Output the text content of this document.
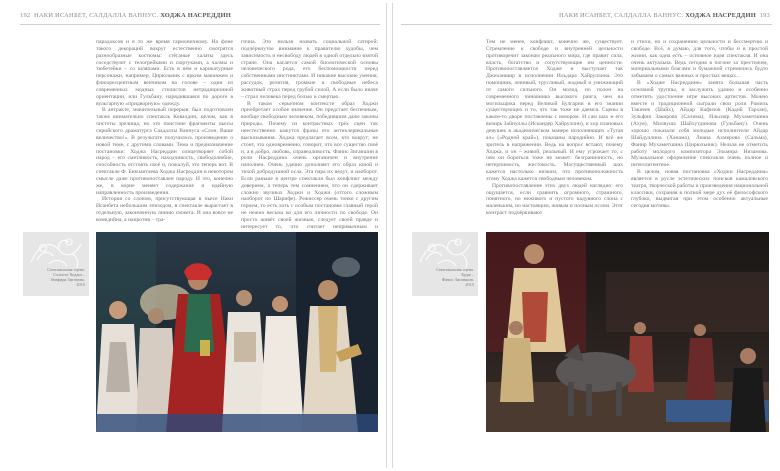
192 НАКИ ИСАНБЕТ, САЛДАЛЛА ВАННУС. ХОДЖА НАСРЕДДИН

парадоксов и в то же время гармоничному. На фоне такого декораций вокруг естественно смотрятся разнообразные костюмы: стёганые халаты здесь соседствуют с телогрейками и сюртуками, а чалмы и тюбетейки – со шляпами. Есть в нём и карикатурные персонажи, например, Цирюльник с ярким макияжем и флюоресцентным венчиком на голове – один из современных модных стилистов нетрадиционной ориентации, или Гульбану, нарядившаяся по дороге в вульгарную «придворную» одежду.
В антракте, значительный перерыв: был подготовлен также внимательно спектакль Ковалдин, целом, как в чистоты зрелища, но это поистине фрагменты пьесы сирийского драматурга Саадаллы Ваннуса «Слон. Ваше величество!». В результате получилось произведение о новой теме, с другими словами. Тема и предназначение постановки: Ходжа Насреддин олицетворяет собой народ – его сметливость, находчивость, свободолюбие, способность отстоять своё и, пожалуй, это теперь вот. В спектакле Ф. Бикчантаева Ходжа Насреддин в некотором смысле даже противопоставлен народу. И это, конечно же, в корне меняет содержание и идейную направленность произведения.
История со слоном, присутствующая в пьесе Наки Исанбета небольшим эпизодом, в спектакле вырастает в отдельную, законченную линию сюжета. И она вовсе не комедийна, а напротив – тра-

гична. Это нельзя назвать социальной сатирой: подчёркнутое внимание к правителю худобы, чем зависимость и несвободу людей в одной отдельно взятой стране. Она касается самой биологической основы человеческого рода, его беспомощности перед собственными инстинктами. И никакие высокие умения, рассудок, религия, громкие и свободные небеса животный страх перед грубой силой. А если было иначе – страх человека перед болью и смертью.
В таком серьезном контексте образ Ходжи приобретает особое значение. Он предстает беспечным, вообще свободным человеком, победившим даже законы природы. Почему из контрастных трёх сцен так неестественно кажутся фразы его антиклерикальные высказывания. Ходжа предлагает всем, кто вокруг; не стоит, это одновременно, говорит, что все существо своё и, а в добро, любовь, справедливость. Фанис Зиганшин в роли Насреддина очень органичен и внутренне наполнен. Очень удачно дополняет его образ юной и тихой добродушной осла. Эта пара их ведут, и наоборот. Если раньше в центре спектакля был конфликт между доверием, а теперь тем сомнением, что он сдерживает сложно звучных Ходжи и Ходжи (оттого сложным наоборот по Шарифе). Режиссер очень тонко с другим героем, то есть хоть с особым постановке главный герой не нежно весьма ко для его личности по свободе. Он просто живёт своей жизнью, следует своей правде и интересует то, что считает непривычным и

Спектакльная сцена.
Солиста Ходжи –
Земфира Зиганова.
2015
НАКИ ИСАНБЕТ, САЛДАЛЛА ВАННУС. ХОДЖА НАСРЕДДИН 193

Тем не менее, конфликт, конечно же, существует. Стремление к свободе и внутренней цельности противоречит законам реального мира, где правит сила, власть, богатство и сопутствующие им ценности. Противопоставляется Ходже и выступает так Джиханшир в исполнении Ильдара Хайруллина. Это помощник, ленивый, трусливый, жадный и унижающий от самого сильного. Он молод, но полон на современного чиновника высокого ранга, чем на могильщика перед Великой Булгарии в его знании существующих и то, что так тоже не даемся. Сцены в каком-то дворе поставлены с юмором. И сам шах и его визирь Зайнуллы (Искандер Хайруллин), и хор плановых девушек в академическом манере исполняющих «Тугая ал» («Родной край»), показаны пародийно. И всё же зритель в напряжении. Ведь на вопрос встают, почему Ходжа, и он – живой, реальный. И ему угрожает то, с чем он бороться тоже не может: безграничность, но нетерпимость, жестокость. Могущественный шах кажется настолько низким, что противоположность этому Ходжа кажется свободным человеком.
Противопоставление этих двух людей наглядно: его ощущается, если сравнить огромного, страшного, понятного, но неживого и пустого надувного слона с маленьким, но настоящим, живым и полным ослом. Этот контраст подчёркивают

и стихи, но и сохранению цельности и бессмертию и свободе. Всё, я думаю, для того, чтобы и в простой жизни, как одна есть – основное идея спектакля. И она очень актуальна. Ведь сегодня в погоне за престижем, материальными благами и бумажной стремились будто забываем о самых важных и простых вещах...
В «Ходже Насреддине» занята большая часть основной труппы, и заслужить удачно и особенно отметить удостоение игре высоких артистов. Можно вместе и традиционной сыграли свои роли Рамиль Такиеев (Шайх), Айдар Кафизов (Кадий Тархан), Зульфия Закирова (Салима), Ильсияр Мухаметшина (Ахуя), Миляуша Шайхутдинова (Гульбану). Очень хорошо показали себя молодые исполнители Айдар Шайдуллина (Ханама), Лиана Ахмерова (Сальма), Фанир Мухаметшина (Цирюльник). Нельзя не отметить работу молодого композитора Эльмира Низамова. Музыкальное оформление спектакля очень полное и интеллигентное.
В целом, новая постановка «Ходжи Насреддина» является в русле эстетических поисков камаловского театра, творческой работы и произведения национальной классики, сохраняя в полной мере дух её философского глубоко, выдвигая при этом особенно актуальные сегодня мотивы.

Спектакльная сцена.
Худж –
Фанис Зиганшин.
2015
